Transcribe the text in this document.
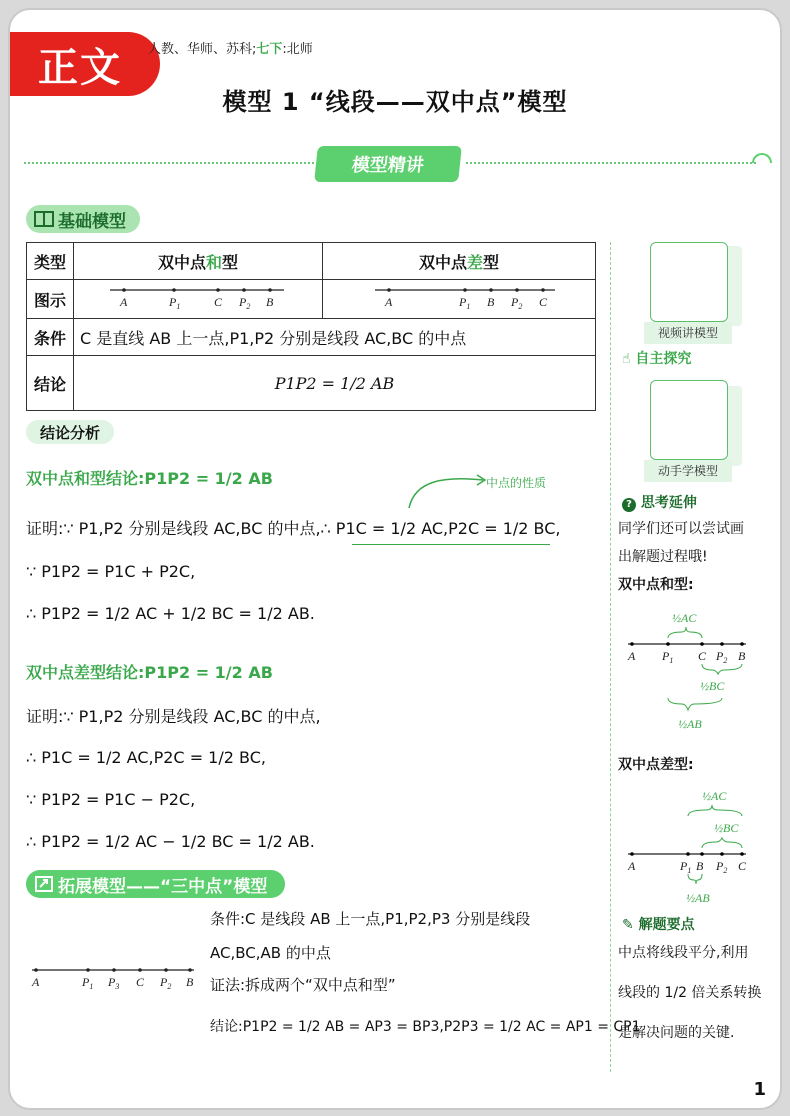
正文	人教、华师、苏科;七下:北师
模型 1 “线段——双中点”模型
模型精讲
基础模型
类型	双中点和型	双中点差型
图示	A $P_1$ C $P_2$ B	A $P_1$ B $P_2$ C

条件	C 是直线 AB 上一点,P1,P2 分别是线段 AC,BC 的中点	
结论	P1P2 = 1/2 AB	
结论分析
双中点和型结论:P1P2 = 1/2 AB	中点的性质
证明:∵ P1,P2 分别是线段 AC,BC 的中点,∴ P1C = 1/2 AC,P2C = 1/2 BC,
∵ P1P2 = P1C + P2C,
∴ P1P2 = 1/2 AC + 1/2 BC = 1/2 AB.
双中点差型结论:P1P2 = 1/2 AB
证明:∵ P1,P2 分别是线段 AC,BC 的中点,
∴ P1C = 1/2 AC,P2C = 1/2 BC,
∵ P1P2 = P1C − P2C,
∴ P1P2 = 1/2 AC − 1/2 BC = 1/2 AB.
拓展模型——“三中点”模型
A	$P_1$ $P_3$ C $P_2$ B
条件:C 是线段 AB 上一点,P1,P2,P3 分别是线段
AC,BC,AB 的中点
证法:拆成两个“双中点和型”
结论:P1P2 = 1/2 AB = AP3 = BP3,P2P3 = 1/2 AC = AP1 = CP1
视频讲模型
☝ 自主探究
动手学模型
? 思考延伸
同学们还可以尝试画
出解题过程哦!
双中点和型:
½AC
A $P_1$ C $P_2$ B
½BC
½AB
双中点差型:
½AC
½BC
A	$P_1$ B $P_2$ C
½AB
✎ 解题要点
中点将线段平分,利用
线段的 1/2 倍关系转换
是解决问题的关键.
1
